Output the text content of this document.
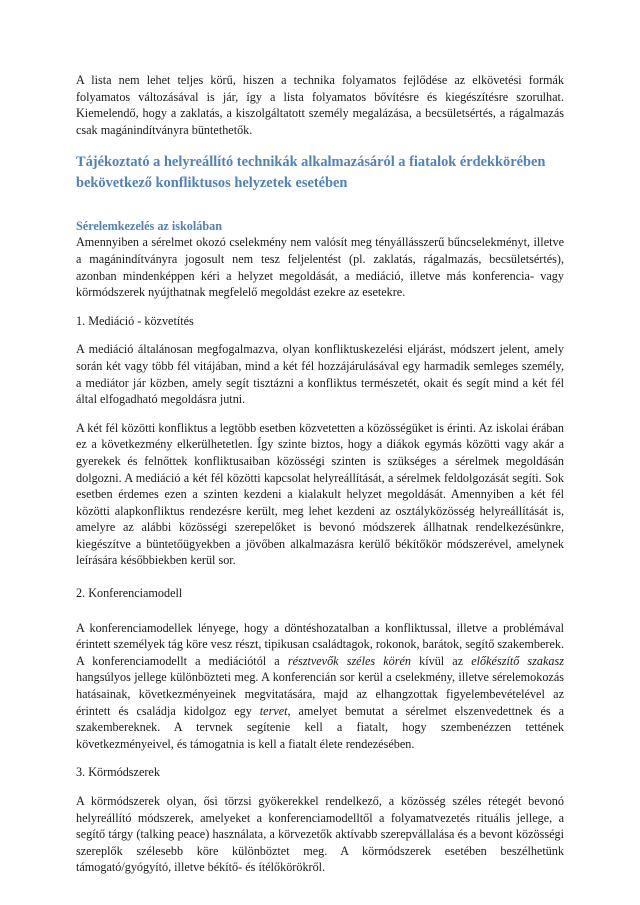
A lista nem lehet teljes körű, hiszen a technika folyamatos fejlődése az elkövetési formák folyamatos változásával is jár, így a lista folyamatos bővítésre és kiegészítésre szorulhat. Kiemelendő, hogy a zaklatás, a kiszolgáltatott személy megalázása, a becsületsértés, a rágalmazás csak magánindítványra büntethetők.

Tájékoztató a helyreállító technikák alkalmazásáról a fiatalok érdekkörében bekövetkező konfliktusos helyzetek esetében
Sérelemkezelés az iskolában

Amennyiben a sérelmet okozó cselekmény nem valósít meg tényállásszerű bűncselekményt, illetve a magánindítványra jogosult nem tesz feljelentést (pl. zaklatás, rágalmazás, becsületsértés), azonban mindenképpen kéri a helyzet megoldását, a mediáció, illetve más konferencia- vagy körmódszerek nyújthatnak megfelelő megoldást ezekre az esetekre.

1. Mediáció - közvetítés

A mediáció általánosan megfogalmazva, olyan konfliktuskezelési eljárást, módszert jelent, amely során két vagy több fél vitájában, mind a két fél hozzájárulásával egy harmadik semleges személy, a mediátor jár közben, amely segít tisztázni a konfliktus természetét, okait és segít mind a két fél által elfogadható megoldásra jutni.

A két fél közötti konfliktus a legtöbb esetben közvetetten a közösségüket is érinti. Az iskolai érában ez a következmény elkerülhetetlen. Így szinte biztos, hogy a diákok egymás közötti vagy akár a gyerekek és felnőttek konfliktusaiban közösségi szinten is szükséges a sérelmek megoldásán dolgozni. A mediáció a két fél közötti kapcsolat helyreállítását, a sérelmek feldolgozását segíti. Sok esetben érdemes ezen a szinten kezdeni a kialakult helyzet megoldását. Amennyiben a két fél közötti alapkonfliktus rendezésre került, meg lehet kezdeni az osztályközösség helyreállítását is, amelyre az alábbi közösségi szerepelőket is bevonó módszerek állhatnak rendelkezésünkre, kiegészítve a büntetőügyekben a jövőben alkalmazásra kerülő békítőkör módszerével, amelynek leírására későbbiekben kerül sor.

2. Konferenciamodell

A konferenciamodellek lényege, hogy a döntéshozatalban a konfliktussal, illetve a problémával érintett személyek tág köre vesz részt, tipikusan családtagok, rokonok, barátok, segítő szakemberek. A konferenciamodellt a mediációtól a résztvevők széles körén kívül az előkészítő szakasz hangsúlyos jellege különbözteti meg. A konferencián sor kerül a cselekmény, illetve sérelemokozás hatásainak, következményeinek megvitatására, majd az elhangzottak figyelembevételével az érintett és családja kidolgoz egy tervet, amelyet bemutat a sérelmet elszenvedettnek és a szakembereknek. A tervnek segítenie kell a fiatalt, hogy szembenézzen tettének következményeivel, és támogatnia is kell a fiatalt élete rendezésében.

3. Körmódszerek

A körmódszerek olyan, ősi törzsi gyökerekkel rendelkező, a közösség széles rétegét bevonó helyreállító módszerek, amelyeket a konferenciamodelltől a folyamatvezetés rituális jellege, a segítő tárgy (talking peace) használata, a körvezetők aktívabb szerepvállalása és a bevont közösségi szereplők szélesebb köre különböztet meg. A körmódszerek esetében beszélhetünk támogató/gyógyító, illetve békítő- és ítélőkörökről.
